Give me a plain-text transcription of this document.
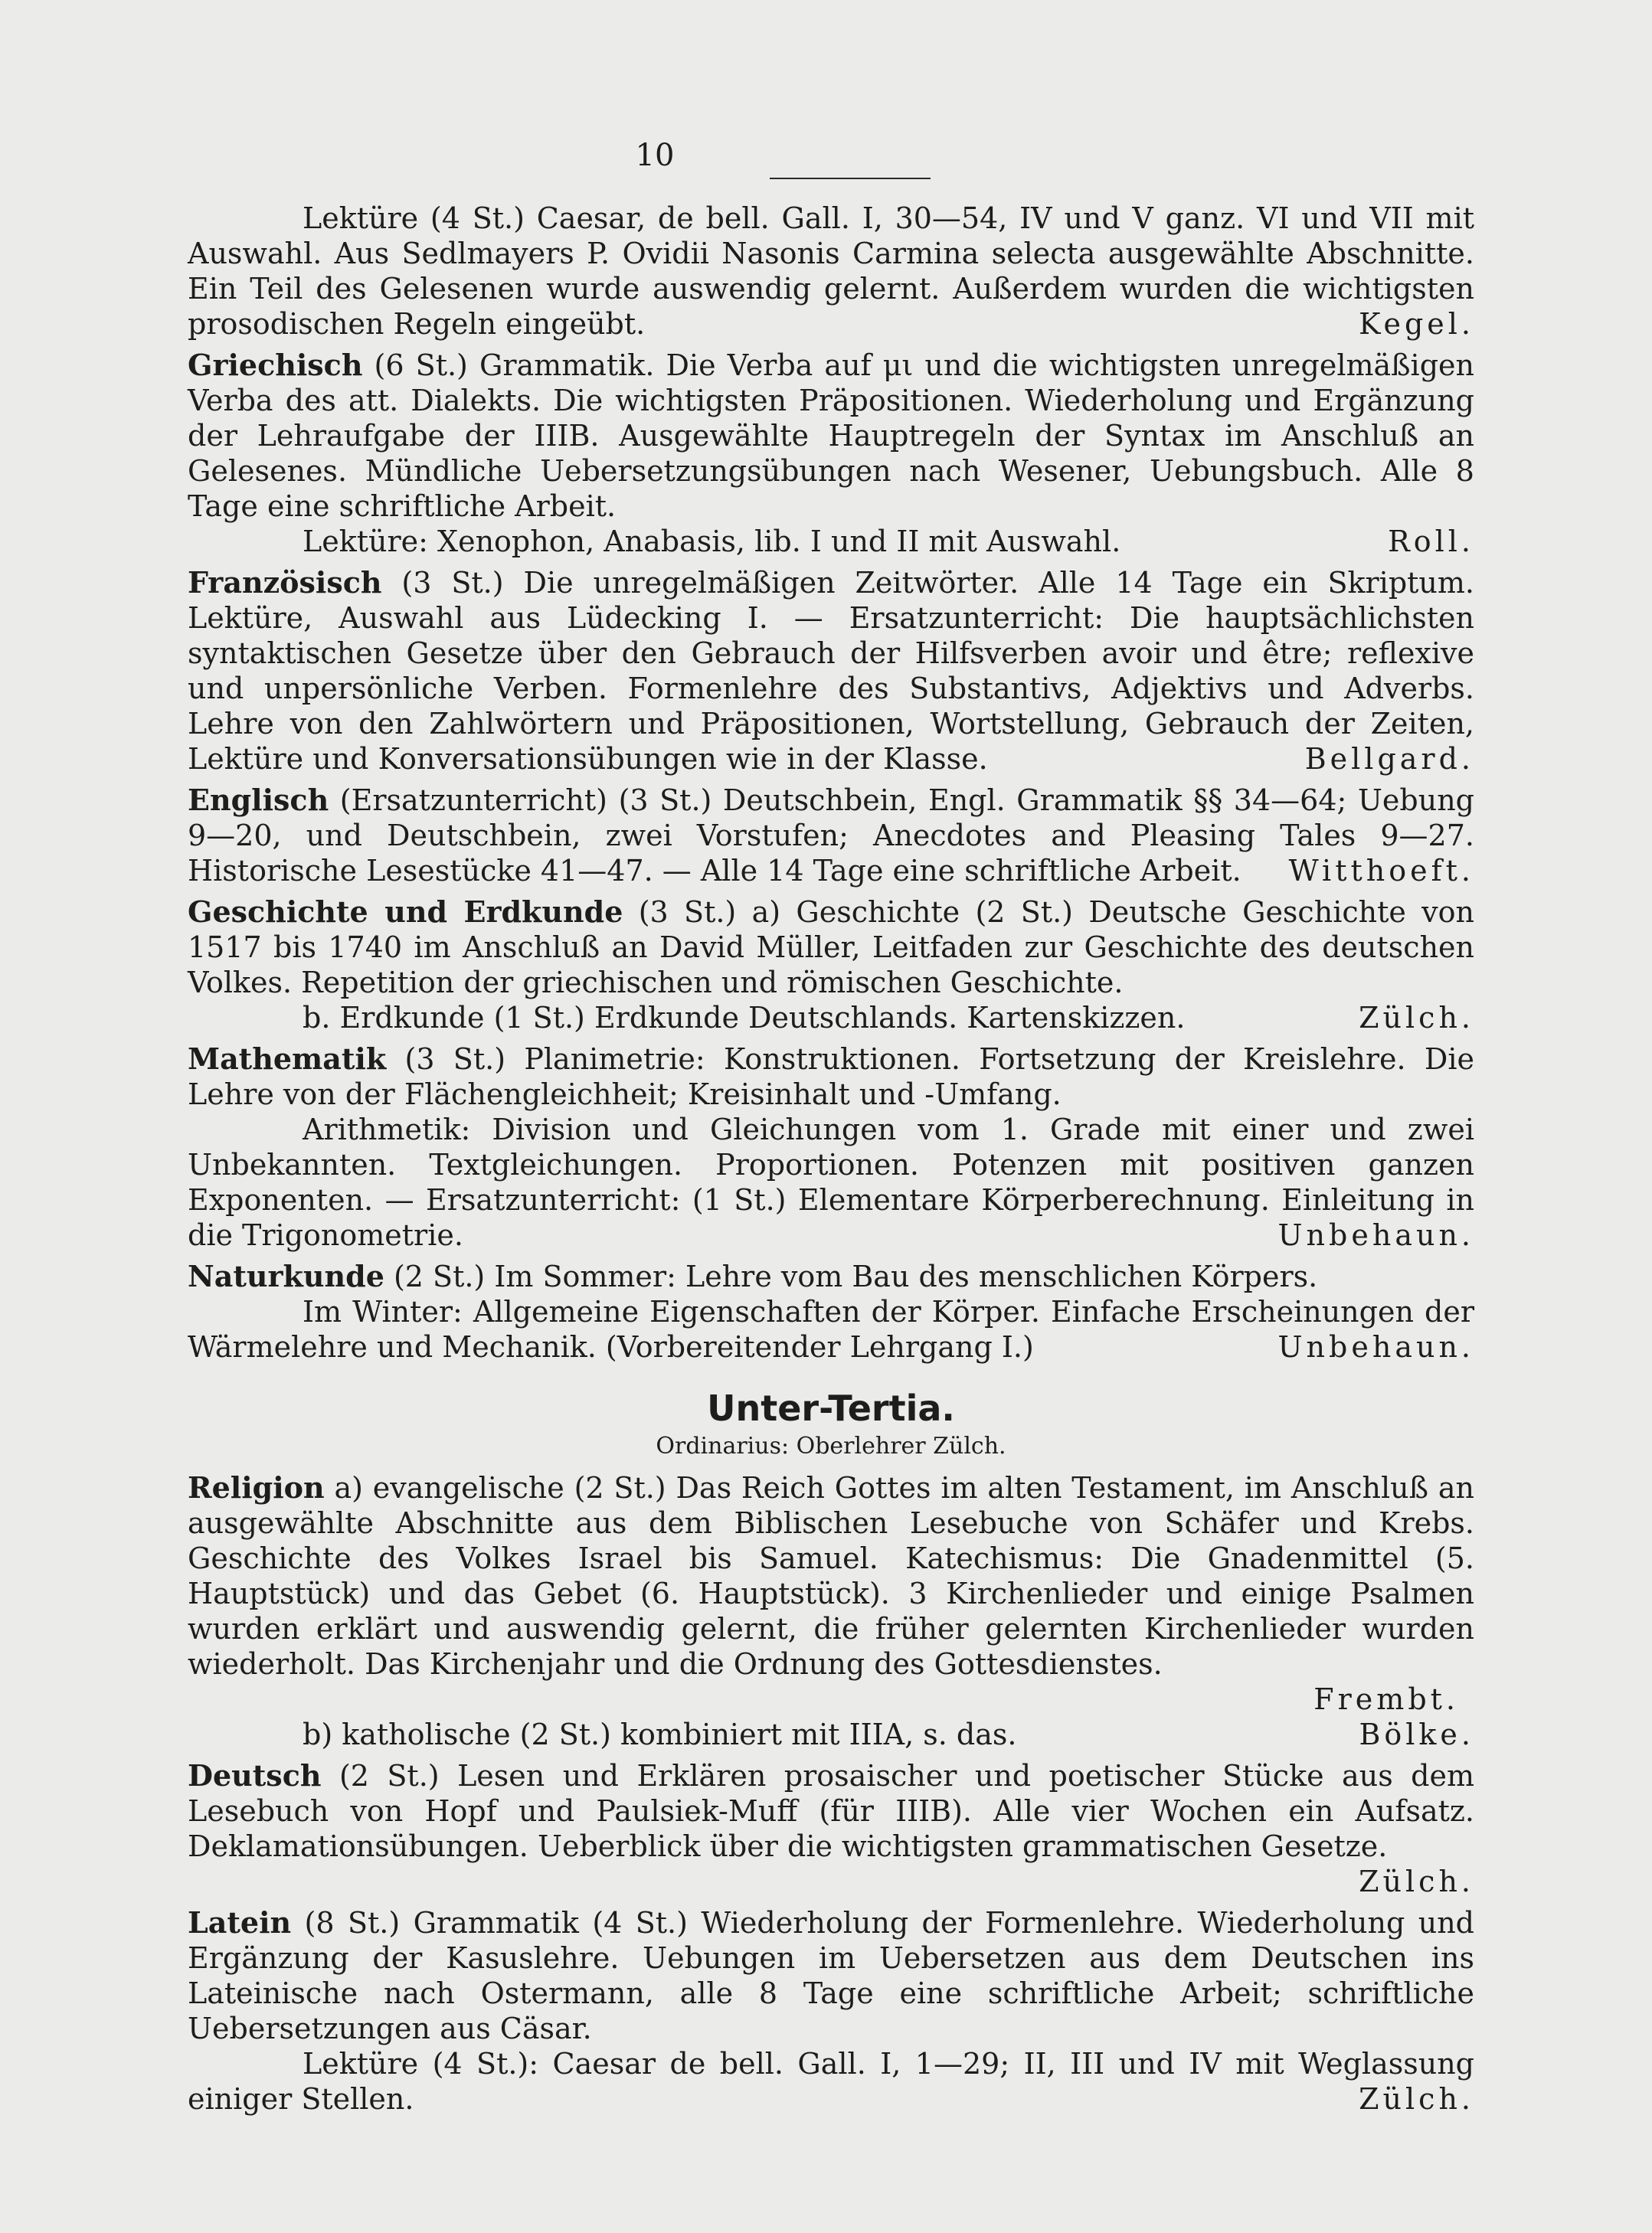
10

Lektüre (4 St.) Caesar, de bell. Gall. I, 30—54, IV und V ganz. VI und VII mit Auswahl. Aus Sedlmayers P. Ovidii Nasonis Carmina selecta ausgewählte Abschnitte. Ein Teil des Gelesenen wurde auswendig gelernt. Außerdem wurden die wichtigsten prosodischen Regeln eingeübt.	Kegel.

Griechisch (6 St.) Grammatik. Die Verba auf μι und die wichtigsten unregelmäßigen Verba des att. Dialekts. Die wichtigsten Präpositionen. Wiederholung und Ergänzung der Lehraufgabe der IIIB. Ausgewählte Hauptregeln der Syntax im Anschluß an Gelesenes. Mündliche Uebersetzungsübungen nach Wesener, Uebungsbuch. Alle 8 Tage eine schriftliche Arbeit.

Lektüre: Xenophon, Anabasis, lib. I und II mit Auswahl.	Roll.

Französisch (3 St.) Die unregelmäßigen Zeitwörter. Alle 14 Tage ein Skriptum. Lektüre, Auswahl aus Lüdecking I. — Ersatzunterricht: Die hauptsächlichsten syntaktischen Gesetze über den Gebrauch der Hilfsverben avoir und être; reflexive und unpersönliche Verben. Formenlehre des Substantivs, Adjektivs und Adverbs. Lehre von den Zahlwörtern und Präpositionen, Wortstellung, Gebrauch der Zeiten, Lektüre und Konversationsübungen wie in der Klasse.	Bellgard.

Englisch (Ersatzunterricht) (3 St.) Deutschbein, Engl. Grammatik §§ 34—64; Uebung 9—20, und Deutschbein, zwei Vorstufen; Anecdotes and Pleasing Tales 9—27. Historische Lesestücke 41—47. — Alle 14 Tage eine schriftliche Arbeit. Witthoeft.

Geschichte und Erdkunde (3 St.) a) Geschichte (2 St.) Deutsche Geschichte von 1517 bis 1740 im Anschluß an David Müller, Leitfaden zur Geschichte des deutschen Volkes. Repetition der griechischen und römischen Geschichte.

b. Erdkunde (1 St.) Erdkunde Deutschlands. Kartenskizzen.	Zülch.

Mathematik (3 St.) Planimetrie: Konstruktionen. Fortsetzung der Kreislehre. Die Lehre von der Flächengleichheit; Kreisinhalt und -Umfang.

Arithmetik: Division und Gleichungen vom 1. Grade mit einer und zwei Unbekannten. Textgleichungen. Proportionen. Potenzen mit positiven ganzen Exponenten. — Ersatzunterricht: (1 St.) Elementare Körperberechnung. Einleitung in die Trigonometrie.	Unbehaun.

Naturkunde (2 St.) Im Sommer: Lehre vom Bau des menschlichen Körpers.

Im Winter: Allgemeine Eigenschaften der Körper. Einfache Erscheinungen der Wärmelehre und Mechanik. (Vorbereitender Lehrgang I.)	Unbehaun.

Unter-Tertia.
Ordinarius: Oberlehrer Zülch.

Religion a) evangelische (2 St.) Das Reich Gottes im alten Testament, im Anschluß an ausgewählte Abschnitte aus dem Biblischen Lesebuche von Schäfer und Krebs. Geschichte des Volkes Israel bis Samuel. Katechismus: Die Gnadenmittel (5. Hauptstück) und das Gebet (6. Hauptstück). 3 Kirchenlieder und einige Psalmen wurden erklärt und auswendig gelernt, die früher gelernten Kirchenlieder wurden wiederholt. Das Kirchenjahr und die Ordnung des Gottesdienstes.

Frembt.

b) katholische (2 St.) kombiniert mit IIIA, s. das.	Bölke.

Deutsch (2 St.) Lesen und Erklären prosaischer und poetischer Stücke aus dem Lesebuch von Hopf und Paulsiek-Muff (für IIIB). Alle vier Wochen ein Aufsatz. Deklamationsübungen. Ueberblick über die wichtigsten grammatischen Gesetze.
Zülch.

Latein (8 St.) Grammatik (4 St.) Wiederholung der Formenlehre. Wiederholung und Ergänzung der Kasuslehre. Uebungen im Uebersetzen aus dem Deutschen ins Lateinische nach Ostermann, alle 8 Tage eine schriftliche Arbeit; schriftliche Uebersetzungen aus Cäsar.

Lektüre (4 St.): Caesar de bell. Gall. I, 1—29; II, III und IV mit Weglassung einiger Stellen.	Zülch.
